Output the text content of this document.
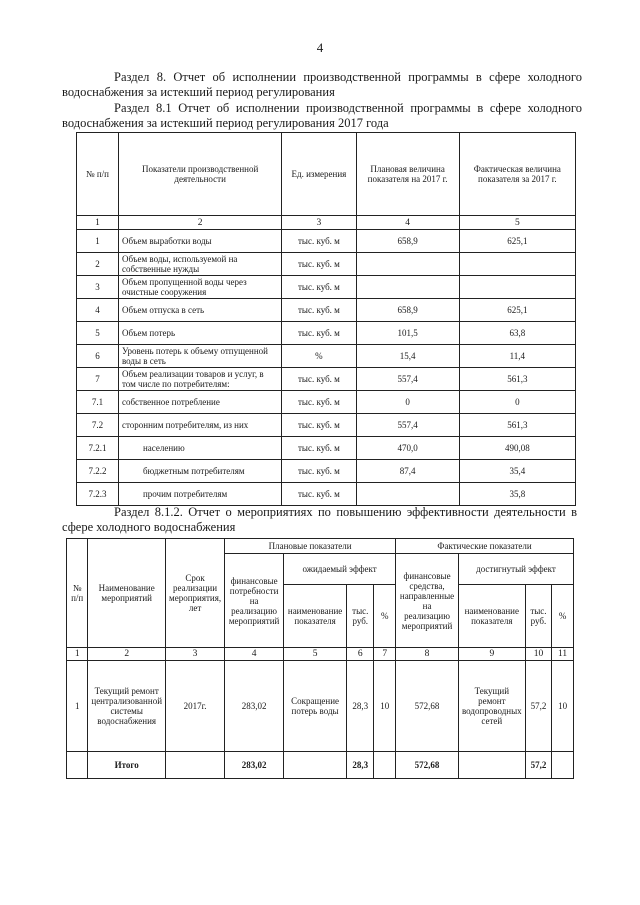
4
Раздел 8. Отчет об исполнении производственной программы в сфере холодного водоснабжения за истекший период регулирования
Раздел 8.1 Отчет об исполнении производственной программы в сфере холодного водоснабжения за истекший период регулирования 2017 года
№ п/п	Показатели производственной деятельности	Ед. измерения	Плановая величина показателя на 2017 г.	Фактическая величина показателя за 2017 г.
1	2	3	4	5
1	Объем выработки воды	тыс. куб. м	658,9	625,1
2	Объем воды, используемой на собственные нужды	тыс. куб. м		
3	Объем пропущенной воды через очистные сооружения	тыс. куб. м		
4	Объем отпуска в сеть	тыс. куб. м	658,9	625,1
5	Объем потерь	тыс. куб. м	101,5	63,8
6	Уровень потерь к объему отпущенной воды в сеть	%	15,4	11,4
7	Объем реализации товаров и услуг, в том числе по потребителям:	тыс. куб. м	557,4	561,3
7.1	собственное потребление	тыс. куб. м	0	0
7.2	сторонним потребителям, из них	тыс. куб. м	557,4	561,3
7.2.1	населению	тыс. куб. м	470,0	490,08
7.2.2	бюджетным потребителям	тыс. куб. м	87,4	35,4
7.2.3	прочим потребителям	тыс. куб. м		35,8
Раздел 8.1.2. Отчет о мероприятиях по повышению эффективности деятельности в сфере холодного водоснабжения
№ п/п	Наименование мероприятий	Срок реализации мероприятия, лет	Плановые показатели				Фактические показатели			
			финансовые потребности на реализацию мероприятий	ожидаемый эффект			финансовые средства, направленные на реализацию мероприятий	достигнутый эффект		
				наименование показателя	тыс. руб.	%		наименование показателя	тыс. руб.	%
1	2	3	4	5	6	7	8	9	10	11
1	Текущий ремонт централизованной системы водоснабжения	2017г.	283,02	Сокращение потерь воды	28,3	10	572,68	Текущий ремонт водопроводных сетей	57,2	10
	Итого		283,02		28,3		572,68		57,2	
